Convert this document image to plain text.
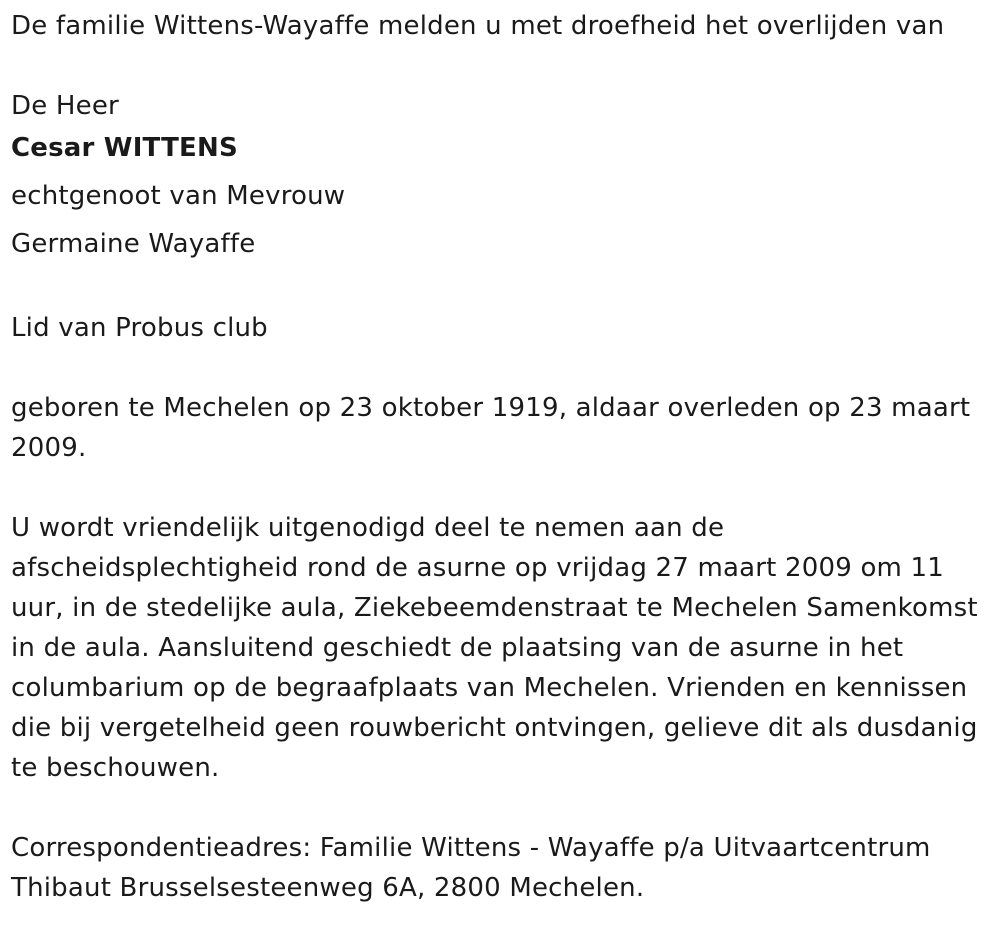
De familie Wittens-Wayaffe melden u met droefheid het overlijden van

De Heer

Cesar WITTENS

echtgenoot van Mevrouw

Germaine Wayaffe

Lid van Probus club

geboren te Mechelen op 23 oktober 1919, aldaar overleden op 23 maart

2009.

U wordt vriendelijk uitgenodigd deel te nemen aan de

afscheidsplechtigheid rond de asurne op vrijdag 27 maart 2009 om 11

uur, in de stedelijke aula, Ziekebeemdenstraat te Mechelen Samenkomst

in de aula. Aansluitend geschiedt de plaatsing van de asurne in het

columbarium op de begraafplaats van Mechelen. Vrienden en kennissen

die bij vergetelheid geen rouwbericht ontvingen, gelieve dit als dusdanig

te beschouwen.

Correspondentieadres: Familie Wittens - Wayaffe p/a Uitvaartcentrum

Thibaut Brusselsesteenweg 6A, 2800 Mechelen.
